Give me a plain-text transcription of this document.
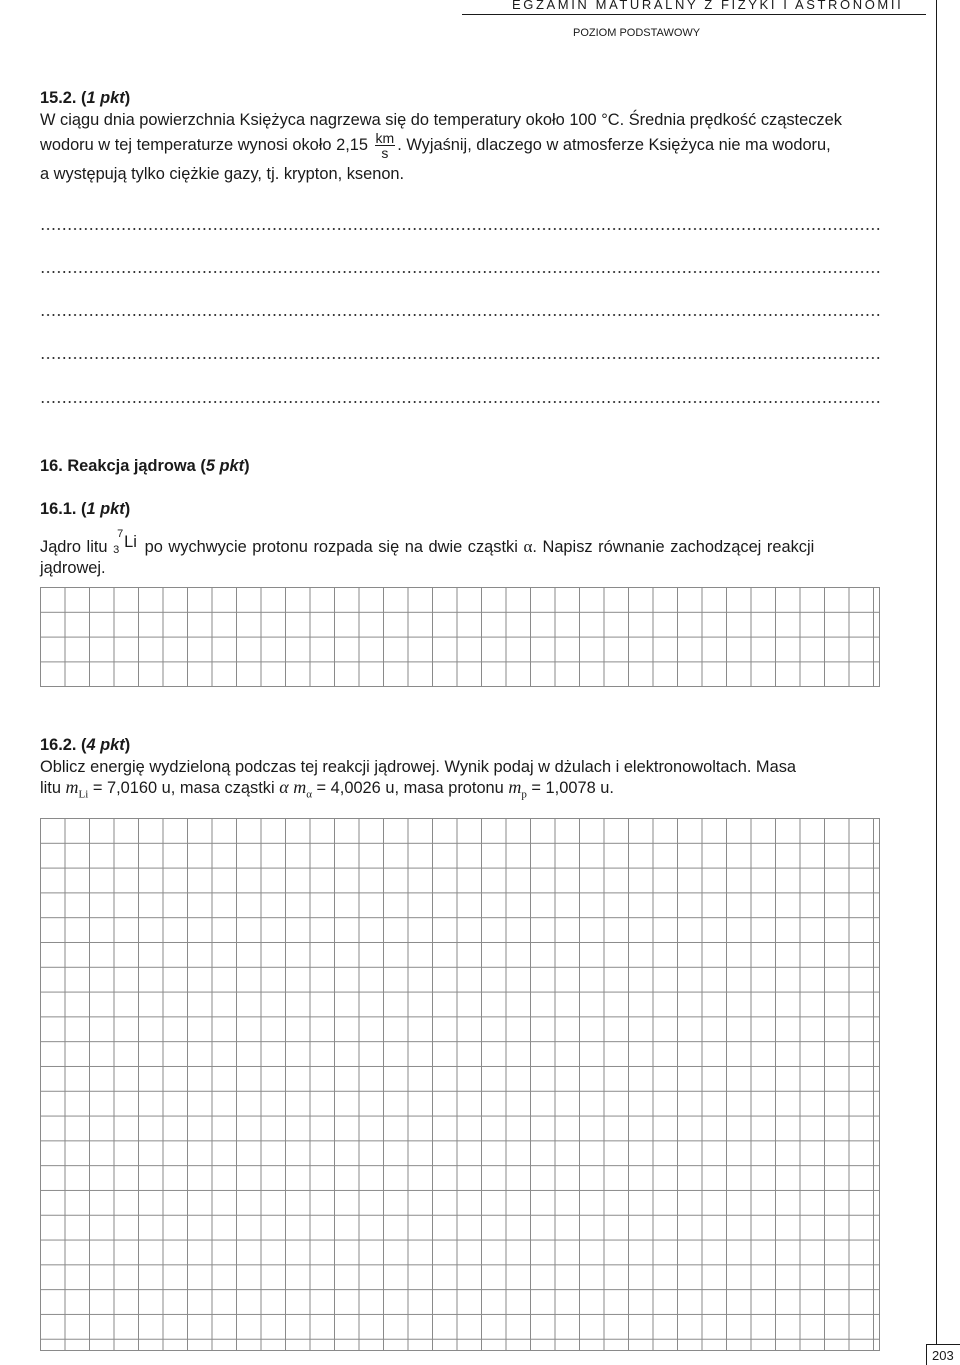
EGZAMIN MATURALNY Z FIZYKI I ASTRONOMII
POZIOM PODSTAWOWY
15.2. (1 pkt)
W ciągu dnia powierzchnia Księżyca nagrzewa się do temperatury około 100 °C. Średnia prędkość cząsteczek
wodoru w tej temperaturze wynosi około $2,15 \frac{km}{s}$ . Wyjaśnij, dlaczego w atmosferze Księżyca nie ma wodoru,
a występują tylko ciężkie gazy, tj. krypton, ksenon.
16. Reakcja jądrowa (5 pkt)
16.1. (1 pkt)
Jądro litu
7
3 Li po wychwycie protonu rozpada się na dwie cząstki α. Napisz równanie zachodzącej reakcji
jądrowej.
16.2. (4 pkt)
Oblicz energię wydzieloną podczas tej reakcji jądrowej. Wynik podaj w dżulach i elektronowoltach. Masa
litu $m_{Li} = 7,0160$ u, masa cząstki α $m_\alpha = 4,0026$ u, masa protonu $m_p = 1,0078$ u.
203
